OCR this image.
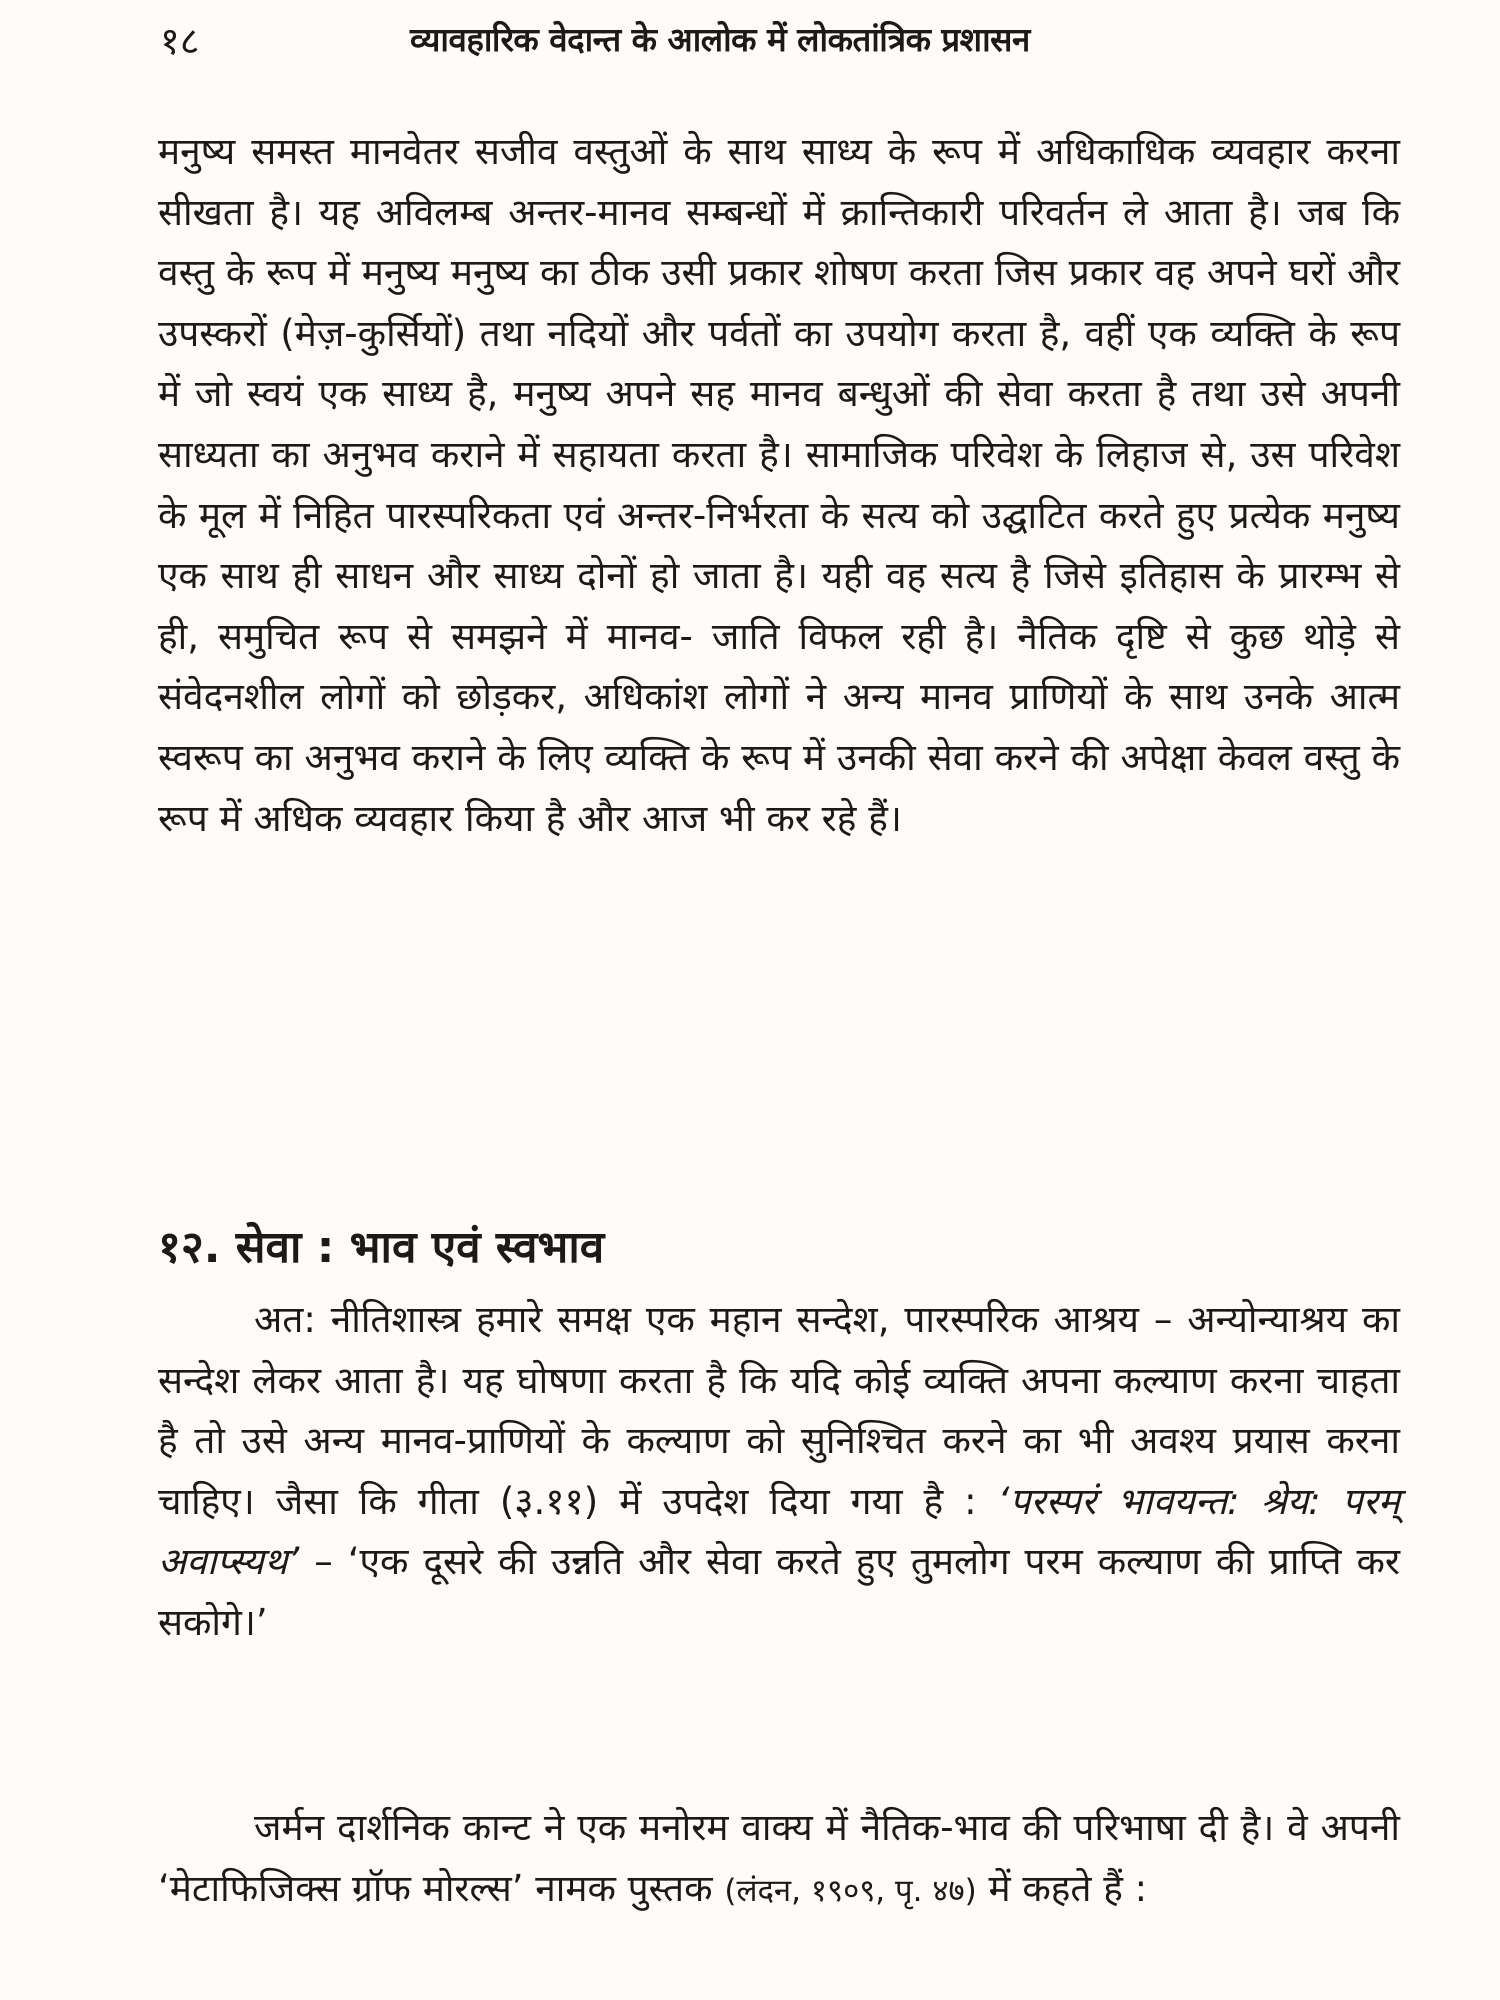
१८	व्यावहारिक वेदान्त के आलोक में लोकतांत्रिक प्रशासन

मनुष्य समस्त मानवेतर सजीव वस्तुओं के साथ साध्य के रूप में अधिकाधिक व्यवहार करना सीखता है। यह अविलम्ब अन्तर-मानव सम्बन्धों में क्रान्तिकारी परिवर्तन ले आता है। जब कि वस्तु के रूप में मनुष्य मनुष्य का ठीक उसी प्रकार शोषण करता जिस प्रकार वह अपने घरों और उपस्करों (मेज़-कुर्सियों) तथा नदियों और पर्वतों का उपयोग करता है, वहीं एक व्यक्ति के रूप में जो स्वयं एक साध्य है, मनुष्य अपने सह मानव बन्धुओं की सेवा करता है तथा उसे अपनी साध्यता का अनुभव कराने में सहायता करता है। सामाजिक परिवेश के लिहाज से, उस परिवेश के मूल में निहित पारस्परिकता एवं अन्तर-निर्भरता के सत्य को उद्घाटित करते हुए प्रत्येक मनुष्य एक साथ ही साधन और साध्य दोनों हो जाता है। यही वह सत्य है जिसे इतिहास के प्रारम्भ से ही, समुचित रूप से समझने में मानव- जाति विफल रही है। नैतिक दृष्टि से कुछ थोड़े से संवेदनशील लोगों को छोड़कर, अधिकांश लोगों ने अन्य मानव प्राणियों के साथ उनके आत्म स्वरूप का अनुभव कराने के लिए व्यक्ति के रूप में उनकी सेवा करने की अपेक्षा केवल वस्तु के रूप में अधिक व्यवहार किया है और आज भी कर रहे हैं।

१२. सेवा : भाव एवं स्वभाव

अत: नीतिशास्त्र हमारे समक्ष एक महान सन्देश, पारस्परिक आश्रय – अन्योन्याश्रय का सन्देश लेकर आता है। यह घोषणा करता है कि यदि कोई व्यक्ति अपना कल्याण करना चाहता है तो उसे अन्य मानव-प्राणियों के कल्याण को सुनिश्चित करने का भी अवश्य प्रयास करना चाहिए। जैसा कि गीता (३.११) में उपदेश दिया गया है : ‘परस्परं भावयन्त: श्रेय: परम् अवाप्स्यथ’ – ‘एक दूसरे की उन्नति और सेवा करते हुए तुमलोग परम कल्याण की प्राप्ति कर सकोगे।’

जर्मन दार्शनिक कान्ट ने एक मनोरम वाक्य में नैतिक-भाव की परिभाषा दी है। वे अपनी ‘मेटाफिजिक्स ग्रॉफ मोरल्स’ नामक पुस्तक (लंदन, १९०९, पृ. ४७) में कहते हैं :
